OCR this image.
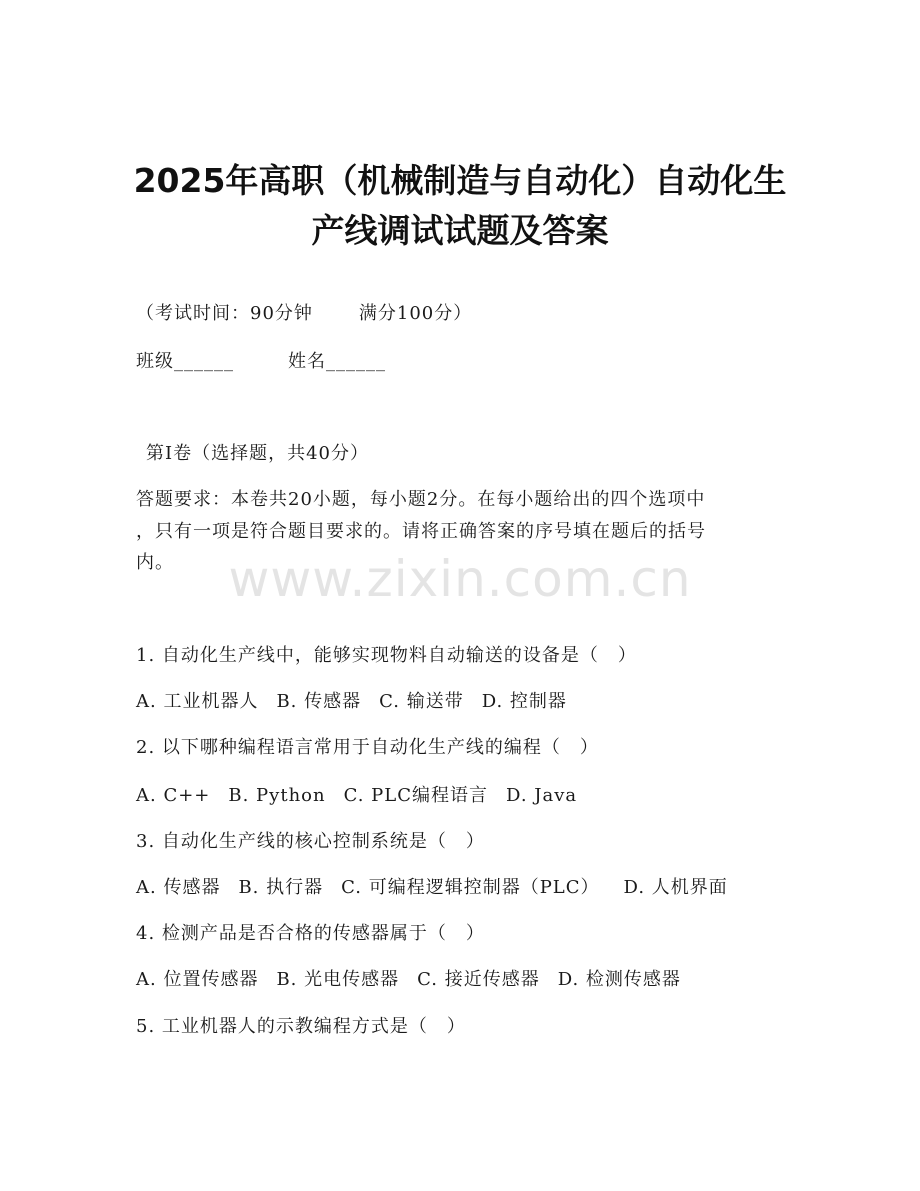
2025年高职（机械制造与自动化）自动化生
产线调试试题及答案
（考试时间：90分钟	满分100分）
班级______	姓名______
第I卷（选择题，共40分）
答题要求：本卷共20小题，每小题2分。在每小题给出的四个选项中
，只有一项是符合题目要求的。请将正确答案的序号填在题后的括号
内。	www.zixin.com.cn
1. 自动化生产线中，能够实现物料自动输送的设备是（　）
A. 工业机器人 B. 传感器 C. 输送带 D. 控制器
2. 以下哪种编程语言常用于自动化生产线的编程（　）
A. C++ B. Python C. PLC编程语言 D. Java
3. 自动化生产线的核心控制系统是（　）
A. 传感器 B. 执行器 C. 可编程逻辑控制器（PLC） D. 人机界面
4. 检测产品是否合格的传感器属于（　）
A. 位置传感器 B. 光电传感器 C. 接近传感器 D. 检测传感器
5. 工业机器人的示教编程方式是（　）
